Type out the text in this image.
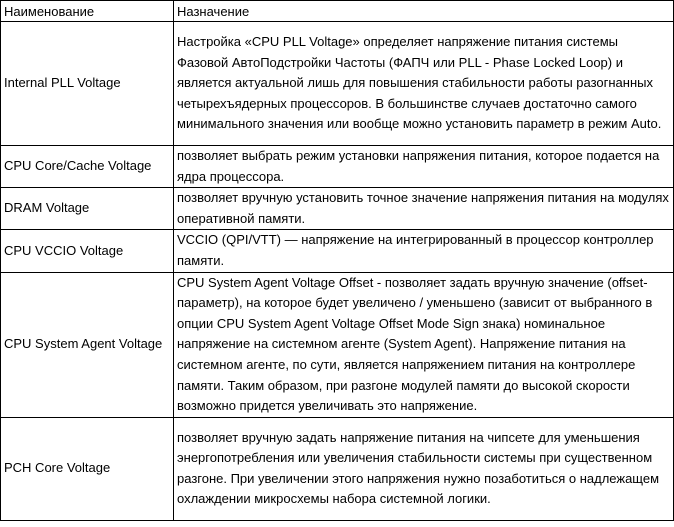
Наименование	Назначение
Internal PLL Voltage	Настройка «CPU PLL Voltage» определяет напряжение питания системы Фазовой АвтоПодстройки Частоты (ФАПЧ или PLL - Phase Locked Loop) и является актуальной лишь для повышения стабильности работы разогнанных четырехъядерных процессоров. В большинстве случаев достаточно самого минимального значения или вообще можно установить параметр в режим Auto.
CPU Core/Cache Voltage	позволяет выбрать режим установки напряжения питания, которое подается на ядра процессора.
DRAM Voltage	позволяет вручную установить точное значение напряжения питания на модулях оперативной памяти.
CPU VCCIO Voltage	VCCIO (QPI/VTT) — напряжение на интегрированный в процессор контроллер памяти.
CPU System Agent Voltage	CPU System Agent Voltage Offset - позволяет задать вручную значение (offset-параметр), на которое будет увеличено / уменьшено (зависит от выбранного в опции CPU System Agent Voltage Offset Mode Sign знака) номинальное напряжение на системном агенте (System Agent). Напряжение питания на системном агенте, по сути, является напряжением питания на контроллере памяти. Таким образом, при разгоне модулей памяти до высокой скорости возможно придется увеличивать это напряжение.
PCH Core Voltage	позволяет вручную задать напряжение питания на чипсете для уменьшения энергопотребления или увеличения стабильности системы при существенном разгоне. При увеличении этого напряжения нужно позаботиться о надлежащем охлаждении микросхемы набора системной логики.
